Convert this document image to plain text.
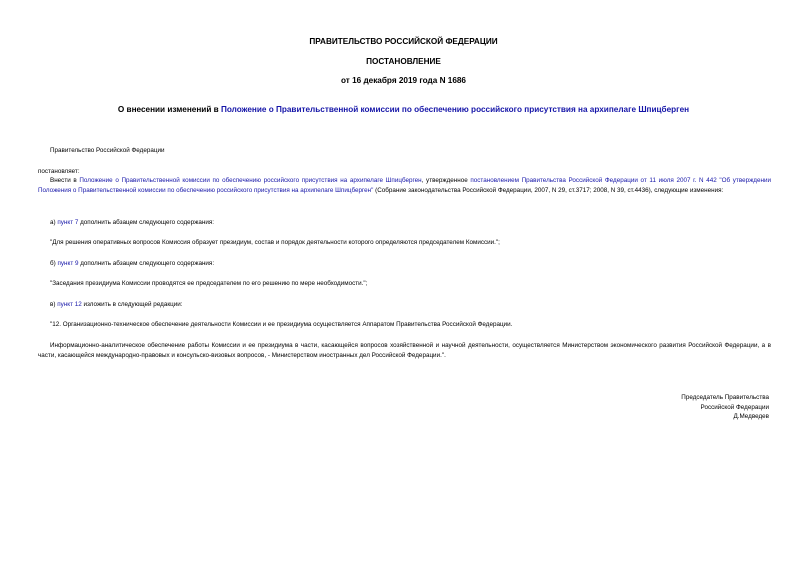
ПРАВИТЕЛЬСТВО РОССИЙСКОЙ ФЕДЕРАЦИИ
ПОСТАНОВЛЕНИЕ
от 16 декабря 2019 года N 1686
О внесении изменений в Положение о Правительственной комиссии по обеспечению российского присутствия на архипелаге Шпицберген
Правительство Российской Федерации
постановляет:
Внести в Положение о Правительственной комиссии по обеспечению российского присутствия на архипелаге Шпицберген, утвержденное постановлением Правительства Российской Федерации от 11 июля 2007 г. N 442 "Об утверждении Положения о Правительственной комиссии по обеспечению российского присутствия на архипелаге Шпицберген" (Собрание законодательства Российской Федерации, 2007, N 29, ст.3717; 2008, N 39, ст.4436), следующие изменения:
а) пункт 7 дополнить абзацем следующего содержания:
"Для решения оперативных вопросов Комиссия образует президиум, состав и порядок деятельности которого определяются председателем Комиссии.";
б) пункт 9 дополнить абзацем следующего содержания:
"Заседания президиума Комиссии проводятся ее председателем по его решению по мере необходимости.";
в) пункт 12 изложить в следующей редакции:
"12. Организационно-техническое обеспечение деятельности Комиссии и ее президиума осуществляется Аппаратом Правительства Российской Федерации.
Информационно-аналитическое обеспечение работы Комиссии и ее президиума в части, касающейся вопросов хозяйственной и научной деятельности, осуществляется Министерством экономического развития Российской Федерации, а в части, касающейся международно-правовых и консульско-визовых вопросов, - Министерством иностранных дел Российской Федерации.".
Председатель Правительства
Российской Федерации
Д.Медведев
